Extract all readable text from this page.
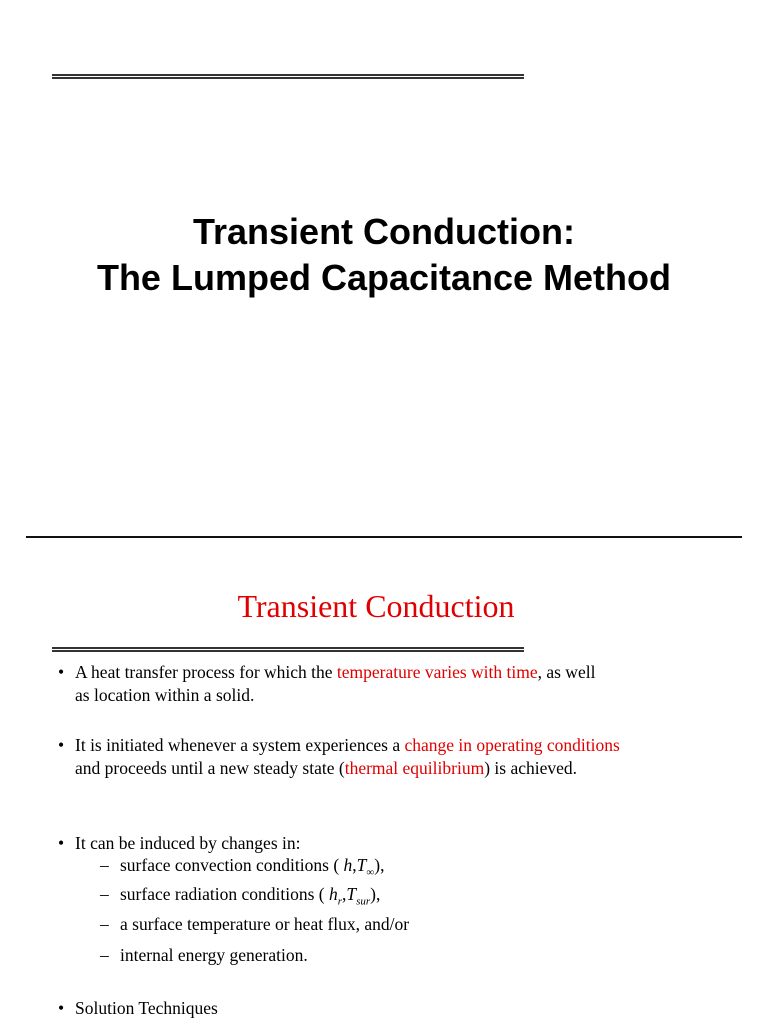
Transient Conduction:
The Lumped Capacitance Method
Transient Conduction
• A heat transfer process for which the temperature varies with time, as well
as location within a solid.
• It is initiated whenever a system experiences a change in operating conditions
and proceeds until a new steady state (thermal equilibrium) is achieved.
• It can be induced by changes in:
– surface convection conditions ( $h,T_\infty$),
– surface radiation conditions ( $h_r,T_{sur}$),
– a surface temperature or heat flux, and/or
– internal energy generation.
• Solution Techniques
